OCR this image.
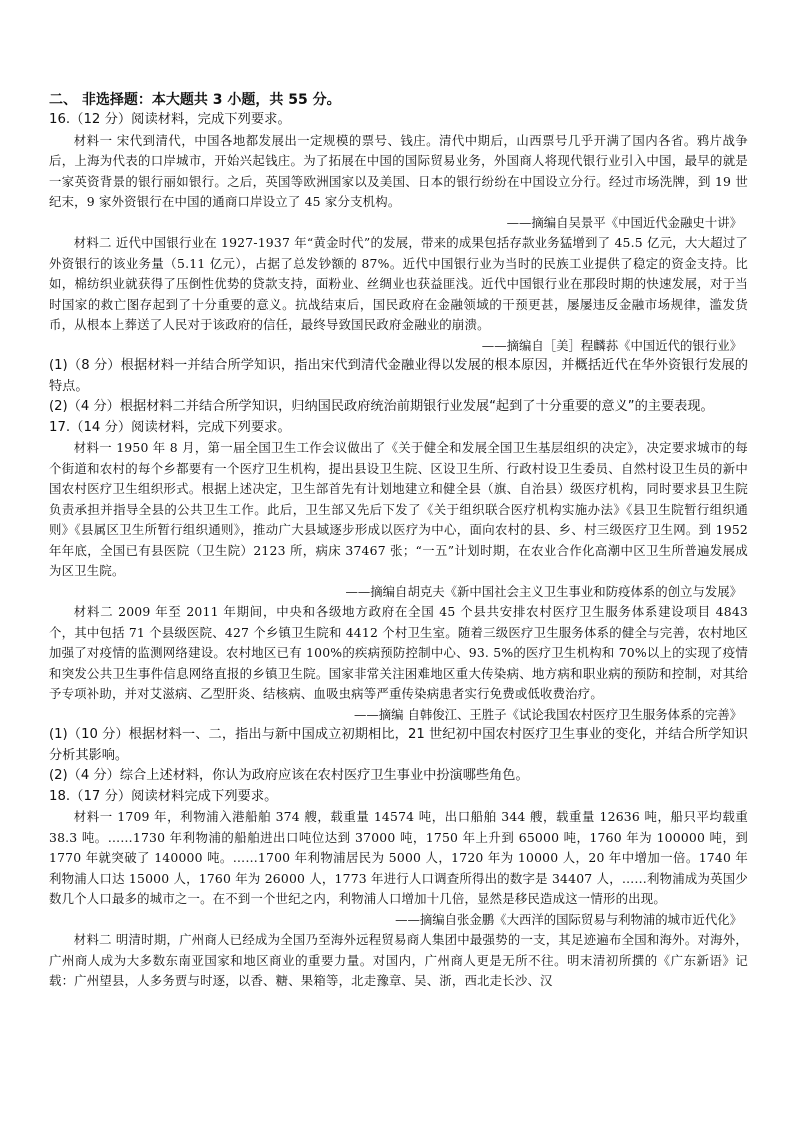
二、 非选择题：本大题共 3 小题，共 55 分。

16.（12 分）阅读材料，完成下列要求。

材料一 宋代到清代，中国各地都发展出一定规模的票号、钱庄。清代中期后，山西票号几乎开满了国内各省。鸦片战争后，上海为代表的口岸城市，开始兴起钱庄。为了拓展在中国的国际贸易业务，外国商人将现代银行业引入中国，最早的就是一家英资背景的银行丽如银行。之后，英国等欧洲国家以及美国、日本的银行纷纷在中国设立分行。经过市场洗牌，到 19 世纪末，9 家外资银行在中国的通商口岸设立了 45 家分支机构。

——摘编自吴景平《中国近代金融史十讲》

材料二 近代中国银行业在 1927-1937 年“黄金时代”的发展，带来的成果包括存款业务猛增到了 45.5 亿元，大大超过了外资银行的该业务量（5.11 亿元），占据了总发钞额的 87%。近代中国银行业为当时的民族工业提供了稳定的资金支持。比如，棉纺织业就获得了压倒性优势的贷款支持，面粉业、丝绸业也获益匪浅。近代中国银行业在那段时期的快速发展，对于当时国家的救亡图存起到了十分重要的意义。抗战结束后，国民政府在金融领域的干预更甚，屡屡违反金融市场规律，滥发货币，从根本上葬送了人民对于该政府的信任，最终导致国民政府金融业的崩溃。

——摘编自［美］程麟荪《中国近代的银行业》

(1)（8 分）根据材料一并结合所学知识，指出宋代到清代金融业得以发展的根本原因，并概括近代在华外资银行发展的特点。

(2)（4 分）根据材料二并结合所学知识，归纳国民政府统治前期银行业发展“起到了十分重要的意义”的主要表现。

17.（14 分）阅读材料，完成下列要求。

材料一 1950 年 8 月，第一届全国卫生工作会议做出了《关于健全和发展全国卫生基层组织的决定》，决定要求城市的每个街道和农村的每个乡都要有一个医疗卫生机构，提出县设卫生院、区设卫生所、行政村设卫生委员、自然村设卫生员的新中国农村医疗卫生组织形式。根据上述决定，卫生部首先有计划地建立和健全县（旗、自治县）级医疗机构，同时要求县卫生院负责承担并指导全县的公共卫生工作。此后，卫生部又先后下发了《关于组织联合医疗机构实施办法》《县卫生院暂行组织通则》《县属区卫生所暂行组织通则》，推动广大县域逐步形成以医疗为中心，面向农村的县、乡、村三级医疗卫生网。到 1952 年年底，全国已有县医院（卫生院）2123 所，病床 37467 张；“一五”计划时期，在农业合作化高潮中区卫生所普遍发展成为区卫生院。

——摘编自胡克夫《新中国社会主义卫生事业和防疫体系的创立与发展》

材料二 2009 年至 2011 年期间，中央和各级地方政府在全国 45 个县共安排农村医疗卫生服务体系建设项目 4843 个，其中包括 71 个县级医院、427 个乡镇卫生院和 4412 个村卫生室。随着三级医疗卫生服务体系的健全与完善，农村地区加强了对疫情的监测网络建设。农村地区已有 100%的疾病预防控制中心、93. 5%的医疗卫生机构和 70%以上的实现了疫情和突发公共卫生事件信息网络直报的乡镇卫生院。国家非常关注困难地区重大传染病、地方病和职业病的预防和控制，对其给予专项补助，并对艾滋病、乙型肝炎、结核病、血吸虫病等严重传染病患者实行免费或低收费治疗。

——摘编 自韩俊江、王胜子《试论我国农村医疗卫生服务体系的完善》

(1)（10 分）根据材料一、二，指出与新中国成立初期相比，21 世纪初中国农村医疗卫生事业的变化，并结合所学知识分析其影响。

(2)（4 分）综合上述材料，你认为政府应该在农村医疗卫生事业中扮演哪些角色。

18.（17 分）阅读材料完成下列要求。

材料一 1709 年，利物浦入港船舶 374 艘，载重量 14574 吨，出口船舶 344 艘，载重量 12636 吨，船只平均载重 38.3 吨。……1730 年利物浦的船舶进出口吨位达到 37000 吨，1750 年上升到 65000 吨，1760 年为 100000 吨，到 1770 年就突破了 140000 吨。……1700 年利物浦居民为 5000 人，1720 年为 10000 人，20 年中增加一倍。1740 年利物浦人口达 15000 人，1760 年为 26000 人，1773 年进行人口调查所得出的数字是 34407 人，……利物浦成为英国少数几个人口最多的城市之一。在不到一个世纪之内，利物浦人口增加十几倍，显然是移民造成这一情形的出现。

——摘编自张金鹏《大西洋的国际贸易与利物浦的城市近代化》

材料二 明清时期，广州商人已经成为全国乃至海外远程贸易商人集团中最强势的一支，其足迹遍布全国和海外。对海外，广州商人成为大多数东南亚国家和地区商业的重要力量。对国内，广州商人更是无所不往。明末清初所撰的《广东新语》记载：广州望县，人多务贾与时逐，以香、糖、果箱等，北走豫章、吴、浙，西北走长沙、汉
